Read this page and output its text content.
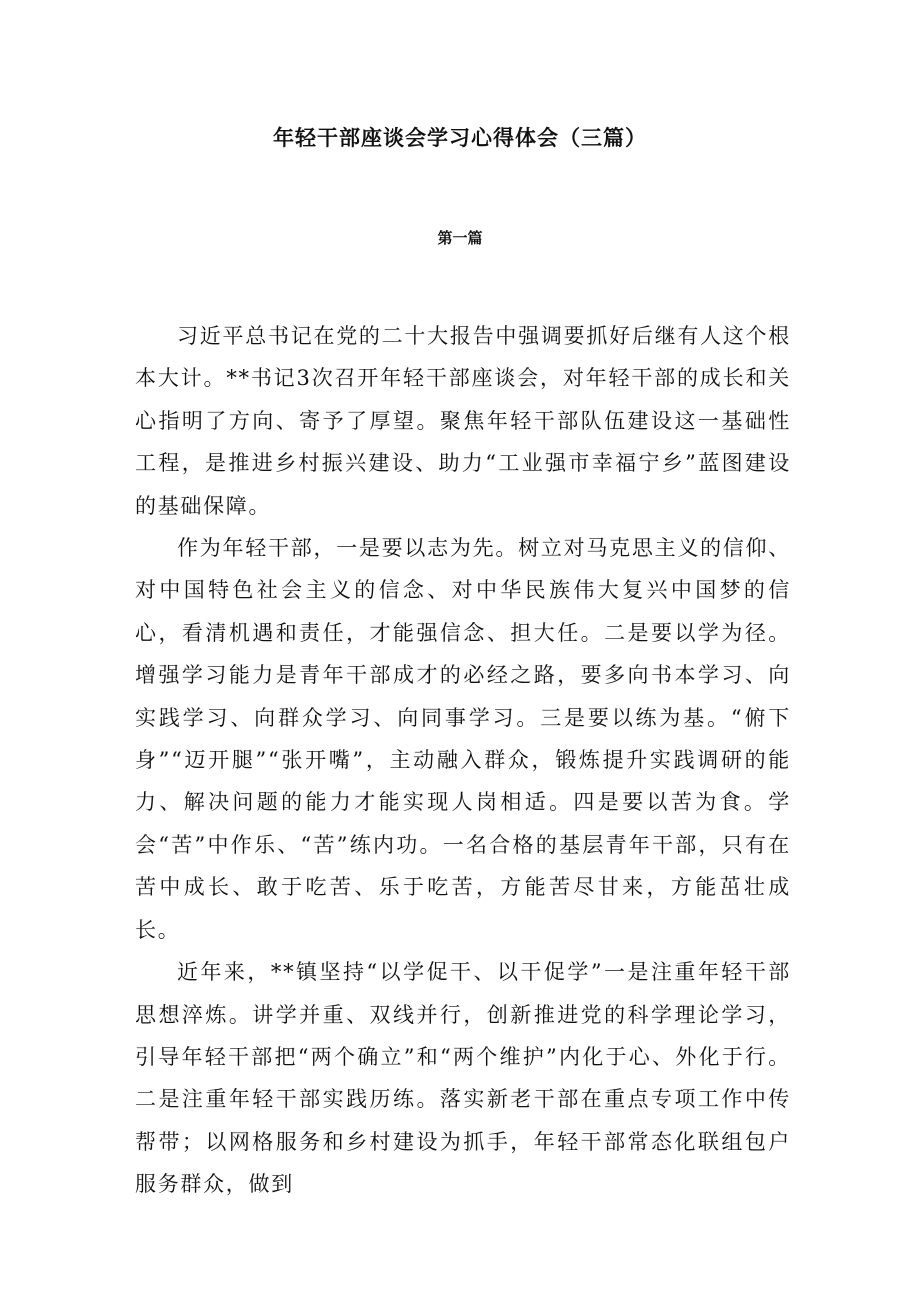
年轻干部座谈会学习心得体会（三篇）
第一篇

习近平总书记在党的二十大报告中强调要抓好后继有人这个根本大计。**书记3次召开年轻干部座谈会，对年轻干部的成长和关心指明了方向、寄予了厚望。聚焦年轻干部队伍建设这一基础性工程，是推进乡村振兴建设、助力“工业强市幸福宁乡”蓝图建设的基础保障。

作为年轻干部，一是要以志为先。树立对马克思主义的信仰、对中国特色社会主义的信念、对中华民族伟大复兴中国梦的信心，看清机遇和责任，才能强信念、担大任。二是要以学为径。增强学习能力是青年干部成才的必经之路，要多向书本学习、向实践学习、向群众学习、向同事学习。三是要以练为基。“俯下身”“迈开腿”“张开嘴”，主动融入群众，锻炼提升实践调研的能力、解决问题的能力才能实现人岗相适。四是要以苦为食。学会“苦”中作乐、“苦”练内功。一名合格的基层青年干部，只有在苦中成长、敢于吃苦、乐于吃苦，方能苦尽甘来，方能茁壮成长。

近年来，**镇坚持“以学促干、以干促学”一是注重年轻干部思想淬炼。讲学并重、双线并行，创新推进党的科学理论学习，引导年轻干部把“两个确立”和“两个维护”内化于心、外化于行。二是注重年轻干部实践历练。落实新老干部在重点专项工作中传帮带；以网格服务和乡村建设为抓手，年轻干部常态化联组包户服务群众，做到
